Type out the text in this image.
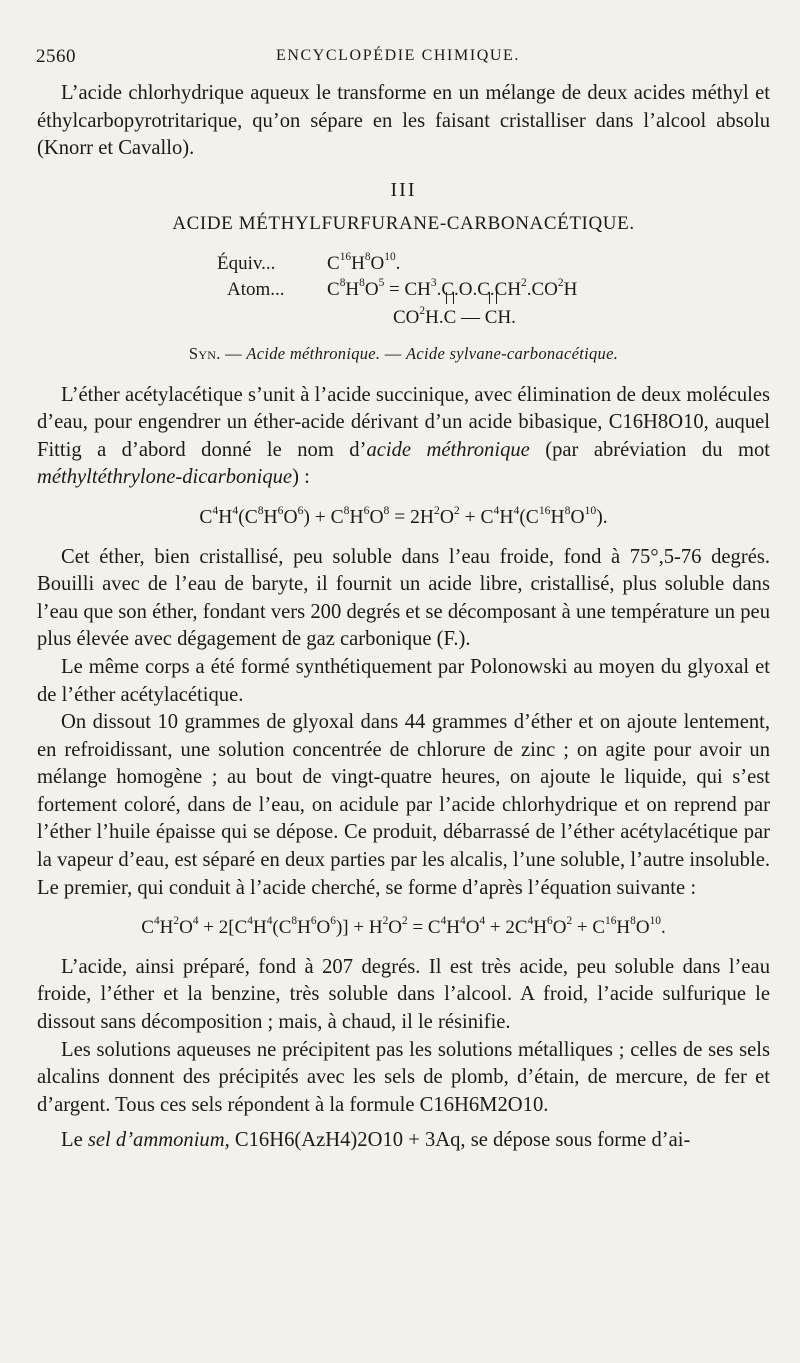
2560	ENCYCLOPÉDIE CHIMIQUE.

L’acide chlorhydrique aqueux le transforme en un mélange de deux acides méthyl et éthylcarbopyrotritarique, qu’on sépare en les faisant cristalliser dans l’alcool absolu (Knorr et Cavallo).

III
ACIDE MÉTHYLFURFURANE-CARBONACÉTIQUE.
Équiv...	$C^{16}H^8O^{10}$.
Atom... $C^8H^8O^5 = CH^3.C.O.C.CH^2.CO^2H$
$CO^2H.C$
— CH.
Syn. — Acide méthronique. — Acide sylvane-carbonacétique.

L’éther acétylacétique s’unit à l’acide succinique, avec élimination de deux molécules d’eau, pour engendrer un éther-acide dérivant d’un acide bibasique, C16H8O10, auquel Fittig a d’abord donné le nom d’acide méthronique (par abréviation du mot méthyltéthrylone-dicarbonique) :

$C^4H^4(C^8H^6O^6) + C^8H^6O^8 = 2H^2O^2 + C^4H^4(C^{16}H^8O^{10})$.

Cet éther, bien cristallisé, peu soluble dans l’eau froide, fond à 75°,5-76 degrés. Bouilli avec de l’eau de baryte, il fournit un acide libre, cristallisé, plus soluble dans l’eau que son éther, fondant vers 200 degrés et se décomposant à une température un peu plus élevée avec dégagement de gaz carbonique (F.).

Le même corps a été formé synthétiquement par Polonowski au moyen du glyoxal et de l’éther acétylacétique.

On dissout 10 grammes de glyoxal dans 44 grammes d’éther et on ajoute lentement, en refroidissant, une solution concentrée de chlorure de zinc ; on agite pour avoir un mélange homogène ; au bout de vingt-quatre heures, on ajoute le liquide, qui s’est fortement coloré, dans de l’eau, on acidule par l’acide chlorhydrique et on reprend par l’éther l’huile épaisse qui se dépose. Ce produit, débarrassé de l’éther acétylacétique par la vapeur d’eau, est séparé en deux parties par les alcalis, l’une soluble, l’autre insoluble. Le premier, qui conduit à l’acide cherché, se forme d’après l’équation suivante :

$C^4H^2O^4 + 2[C^4H^4(C^8H^6O^6)] + H^2O^2 = C^4H^4O^4 + 2C^4H^6O^2 + C^{16}H^8O^{10}$.

L’acide, ainsi préparé, fond à 207 degrés. Il est très acide, peu soluble dans l’eau froide, l’éther et la benzine, très soluble dans l’alcool. A froid, l’acide sulfurique le dissout sans décomposition ; mais, à chaud, il le résinifie.

Les solutions aqueuses ne précipitent pas les solutions métalliques ; celles de ses sels alcalins donnent des précipités avec les sels de plomb, d’étain, de mercure, de fer et d’argent. Tous ces sels répondent à la formule C16H6M2O10.

Le sel d’ammonium, C16H6(AzH4)2O10 + 3Aq, se dépose sous forme d’ai-
